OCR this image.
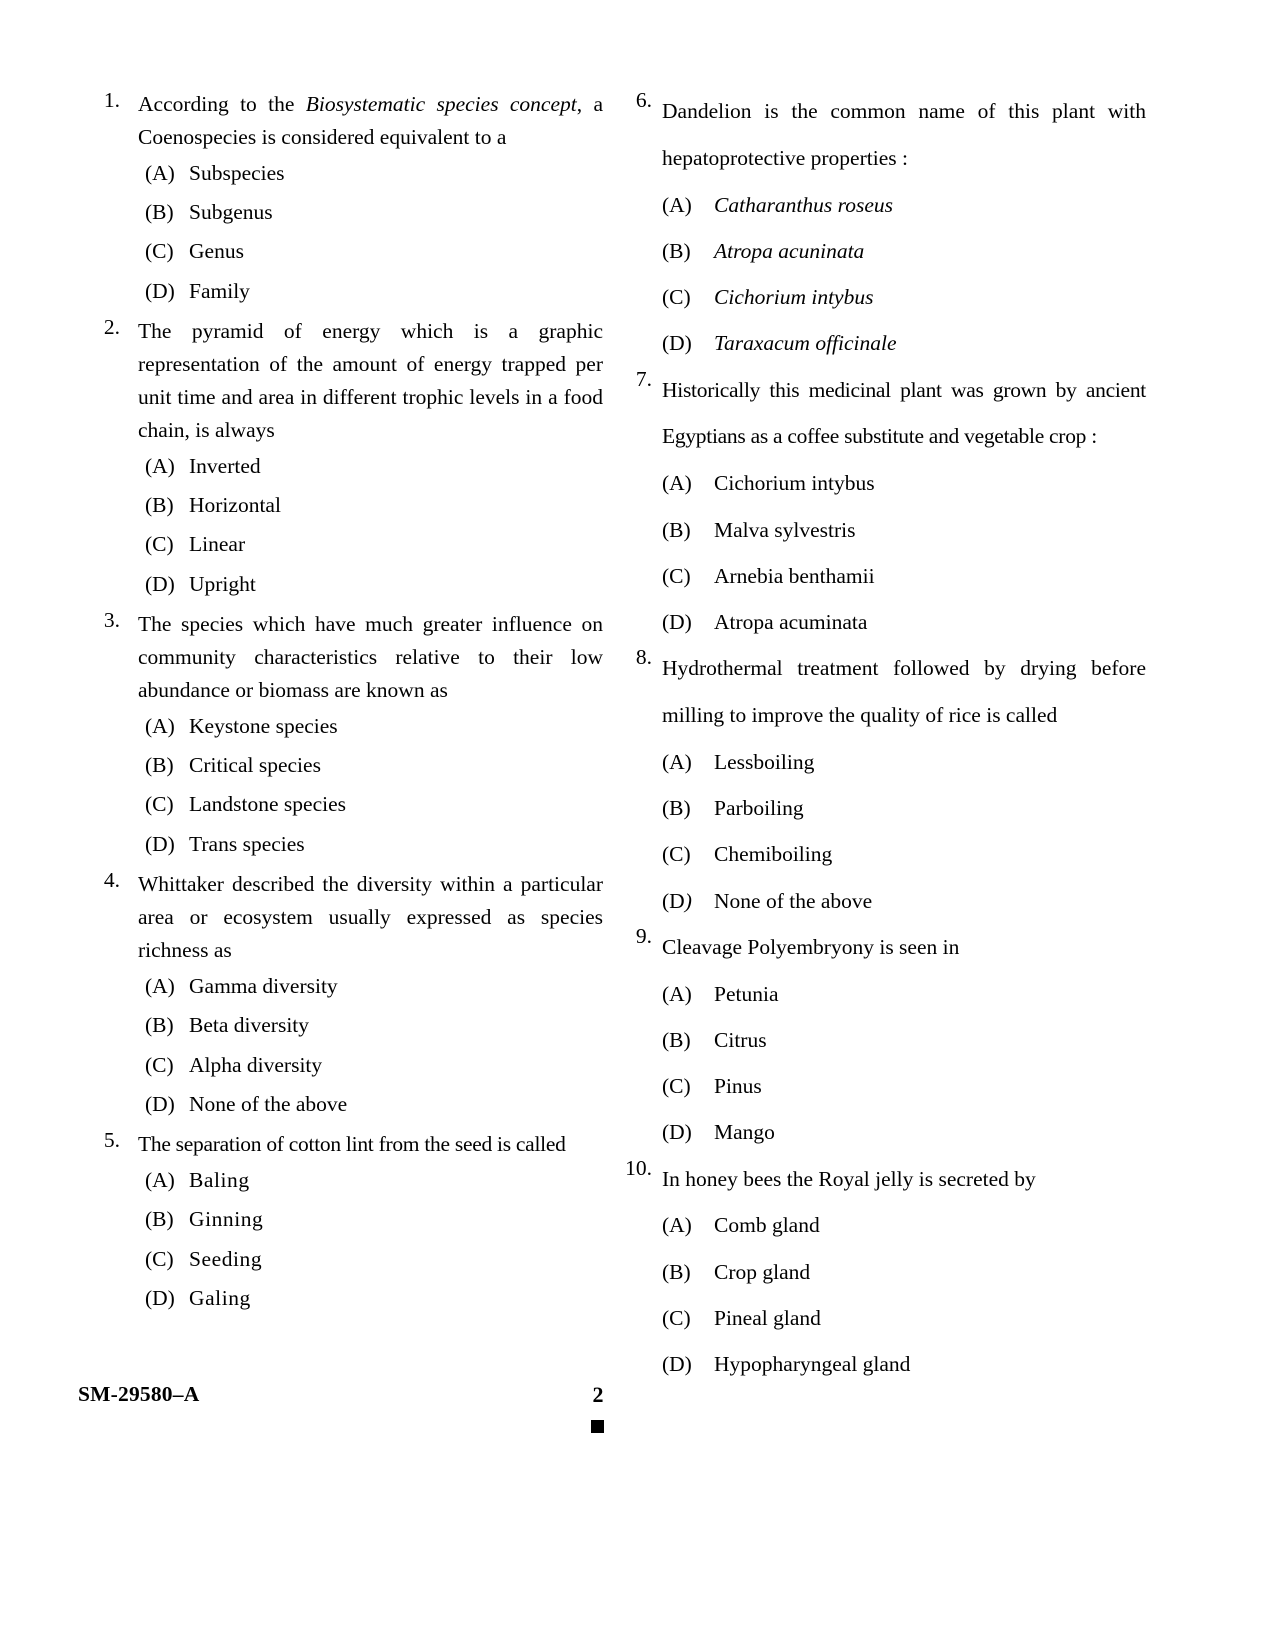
1. According to the Biosystematic species concept, a Coenospecies is considered equivalent to a
(A) Subspecies
(B) Subgenus
(C) Genus
(D) Family
2. The pyramid of energy which is a graphic representation of the amount of energy trapped per unit time and area in different trophic levels in a food chain, is always
(A) Inverted
(B) Horizontal
(C) Linear
(D) Upright
3. The species which have much greater influence on community characteristics relative to their low abundance or biomass are known as
(A) Keystone species
(B) Critical species
(C) Landstone species
(D) Trans species
4. Whittaker described the diversity within a particular area or ecosystem usually expressed as species richness as
(A) Gamma diversity
(B) Beta diversity
(C) Alpha diversity
(D) None of the above
5. The separation of cotton lint from the seed is called
(A) Baling
(B) Ginning
(C) Seeding
(D) Galing
6. Dandelion is the common name of this plant with hepatoprotective properties :
(A)	Catharanthus roseus
(B)	Atropa acuninata
(C)	Cichorium intybus
(D)	Taraxacum officinale
7. Historically this medicinal plant was grown by ancient Egyptians as a coffee substitute and vegetable crop :
(A)	Cichorium intybus
(B)	Malva sylvestris
(C)	Arnebia benthamii
(D)	Atropa acuminata
8. Hydrothermal treatment followed by drying before milling to improve the quality of rice is called
(A)	Lessboiling
(B)	Parboiling
(C)	Chemiboiling
(D)	None of the above
9. Cleavage Polyembryony is seen in
(A)	Petunia
(B)	Citrus
(C)	Pinus
(D)	Mango
10. In honey bees the Royal jelly is secreted by
(A)	Comb gland
(B)	Crop gland
(C)	Pineal gland
(D)	Hypopharyngeal gland
SM-29580–A	2
